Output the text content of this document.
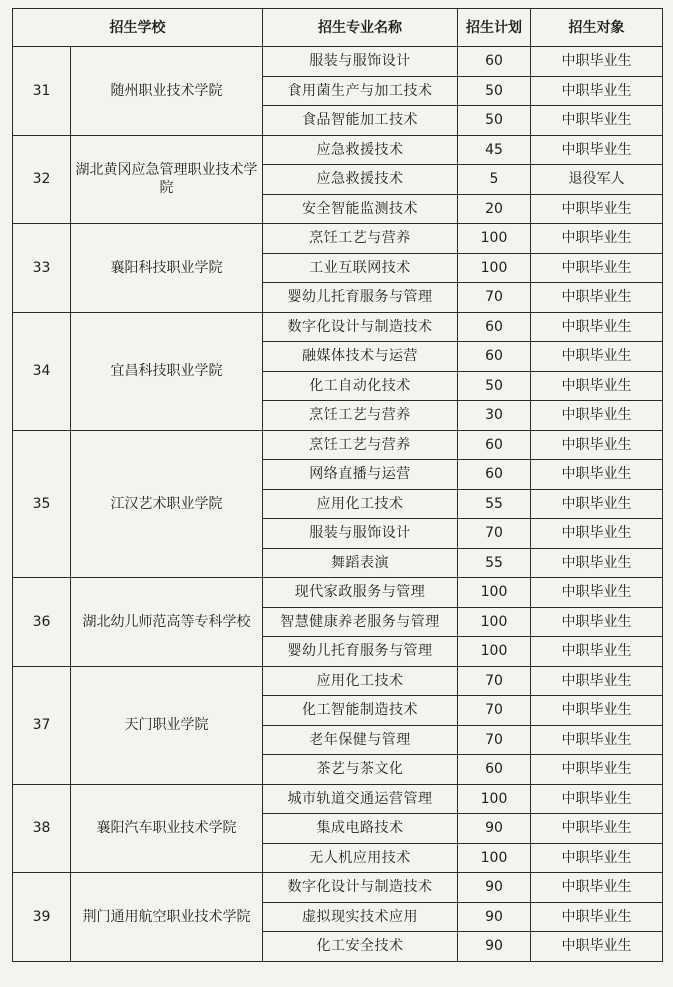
招生学校		招生专业名称	招生计划	招生对象
31	随州职业技术学院	服装与服饰设计	60	中职毕业生
		食用菌生产与加工技术	50	中职毕业生
		食品智能加工技术	50	中职毕业生
32	湖北黄冈应急管理职业技术学院	应急救援技术	45	中职毕业生
		应急救援技术	5	退役军人
		安全智能监测技术	20	中职毕业生
33	襄阳科技职业学院	烹饪工艺与营养	100	中职毕业生
		工业互联网技术	100	中职毕业生
		婴幼儿托育服务与管理	70	中职毕业生
34	宜昌科技职业学院	数字化设计与制造技术	60	中职毕业生
		融媒体技术与运营	60	中职毕业生
		化工自动化技术	50	中职毕业生
		烹饪工艺与营养	30	中职毕业生
35	江汉艺术职业学院	烹饪工艺与营养	60	中职毕业生
		网络直播与运营	60	中职毕业生
		应用化工技术	55	中职毕业生
		服装与服饰设计	70	中职毕业生
		舞蹈表演	55	中职毕业生
36	湖北幼儿师范高等专科学校	现代家政服务与管理	100	中职毕业生
		智慧健康养老服务与管理	100	中职毕业生
		婴幼儿托育服务与管理	100	中职毕业生
37	天门职业学院	应用化工技术	70	中职毕业生
		化工智能制造技术	70	中职毕业生
		老年保健与管理	70	中职毕业生
		茶艺与茶文化	60	中职毕业生
38	襄阳汽车职业技术学院	城市轨道交通运营管理	100	中职毕业生
		集成电路技术	90	中职毕业生
		无人机应用技术	100	中职毕业生
39	荆门通用航空职业技术学院	数字化设计与制造技术	90	中职毕业生
		虚拟现实技术应用	90	中职毕业生
		化工安全技术	90	中职毕业生
